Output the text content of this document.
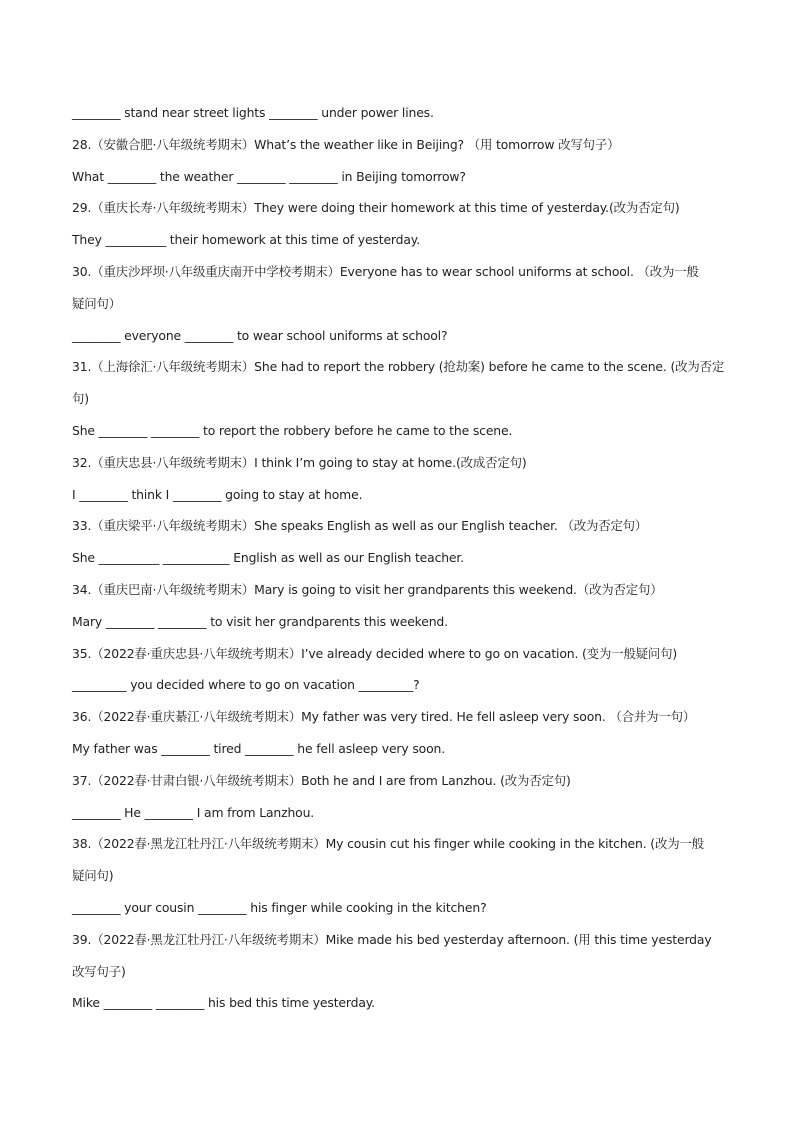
________ stand near street lights ________ under power lines.
28.（安徽合肥·八年级统考期末）What’s the weather like in Beijing? （用 tomorrow 改写句子）
What ________ the weather ________ ________ in Beijing tomorrow?
29.（重庆长寿·八年级统考期末）They were doing their homework at this time of yesterday.(改为否定句)
They __________ their homework at this time of yesterday.
30.（重庆沙坪坝·八年级重庆南开中学校考期末）Everyone has to wear school uniforms at school. （改为一般
疑问句）
________ everyone ________ to wear school uniforms at school?
31.（上海徐汇·八年级统考期末）She had to report the robbery (抢劫案) before he came to the scene. (改为否定
句)
She ________ ________ to report the robbery before he came to the scene.
32.（重庆忠县·八年级统考期末）I think I’m going to stay at home.(改成否定句)
I ________ think I ________ going to stay at home.
33.（重庆梁平·八年级统考期末）She speaks English as well as our English teacher. （改为否定句）
She __________ ___________ English as well as our English teacher.
34.（重庆巴南·八年级统考期末）Mary is going to visit her grandparents this weekend.（改为否定句）
Mary ________ ________ to visit her grandparents this weekend.
35.（2022春·重庆忠县·八年级统考期末）I’ve already decided where to go on vacation. (变为一般疑问句)
_________ you decided where to go on vacation _________?
36.（2022春·重庆綦江·八年级统考期末）My father was very tired. He fell asleep very soon. （合并为一句）
My father was ________ tired ________ he fell asleep very soon.
37.（2022春·甘肃白银·八年级统考期末）Both he and I are from Lanzhou. (改为否定句)
________ He ________ I am from Lanzhou.
38.（2022春·黑龙江牡丹江·八年级统考期末）My cousin cut his finger while cooking in the kitchen. (改为一般
疑问句)
________ your cousin ________ his finger while cooking in the kitchen?
39.（2022春·黑龙江牡丹江·八年级统考期末）Mike made his bed yesterday afternoon. (用 this time yesterday
改写句子)
Mike ________ ________ his bed this time yesterday.
